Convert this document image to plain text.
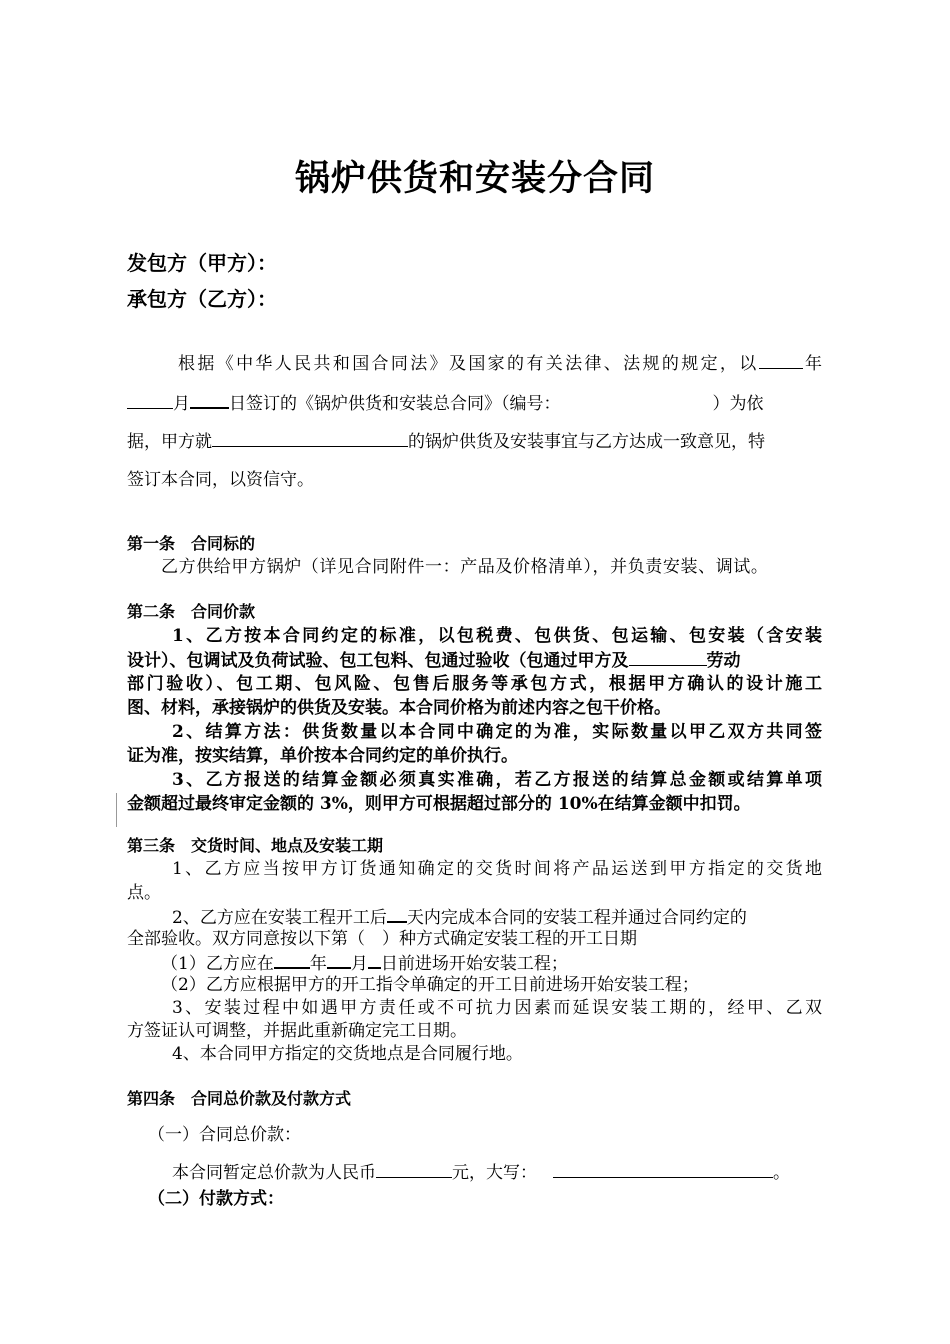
锅炉供货和安装分合同
发包方（甲方）：
承包方（乙方）：
根据《中华人民共和国合同法》及国家的有关法律、法规的规定，以	年
月 日签订的《锅炉供货和安装总合同》（编号：	）为依
据，甲方就	的锅炉供货及安装事宜与乙方达成一致意见，特
签订本合同，以资信守。
第一条　合同标的
乙方供给甲方锅炉（详见合同附件一：产品及价格清单），并负责安装、调试。
第二条　合同价款
1、乙方按本合同约定的标准，以包税费、包供货、包运输、包安装（含安装
设计）、包调试及负荷试验、包工包料、包通过验收（包通过甲方及	劳动
部门验收）、包工期、包风险、包售后服务等承包方式，根据甲方确认的设计施工
图、材料，承接锅炉的供货及安装。本合同价格为前述内容之包干价格。
2、结算方法：供货数量以本合同中确定的为准，实际数量以甲乙双方共同签
证为准，按实结算，单价按本合同约定的单价执行。
3、乙方报送的结算金额必须真实准确，若乙方报送的结算总金额或结算单项
金额超过最终审定金额的 3%，则甲方可根据超过部分的 10%在结算金额中扣罚。
第三条　交货时间、地点及安装工期
1、乙方应当按甲方订货通知确定的交货时间将产品运送到甲方指定的交货地
点。
2、乙方应在安装工程开工后 天内完成本合同的安装工程并通过合同约定的
全部验收。双方同意按以下第（　）种方式确定安装工程的开工日期
（1）乙方应在 年 月 日前进场开始安装工程；
（2）乙方应根据甲方的开工指令单确定的开工日前进场开始安装工程；
3、安装过程中如遇甲方责任或不可抗力因素而延误安装工期的，经甲、乙双
方签证认可调整，并据此重新确定完工日期。
4、本合同甲方指定的交货地点是合同履行地。
第四条　合同总价款及付款方式
（一）合同总价款：
本合同暂定总价款为人民币	元，大写：	。
（二）付款方式：
